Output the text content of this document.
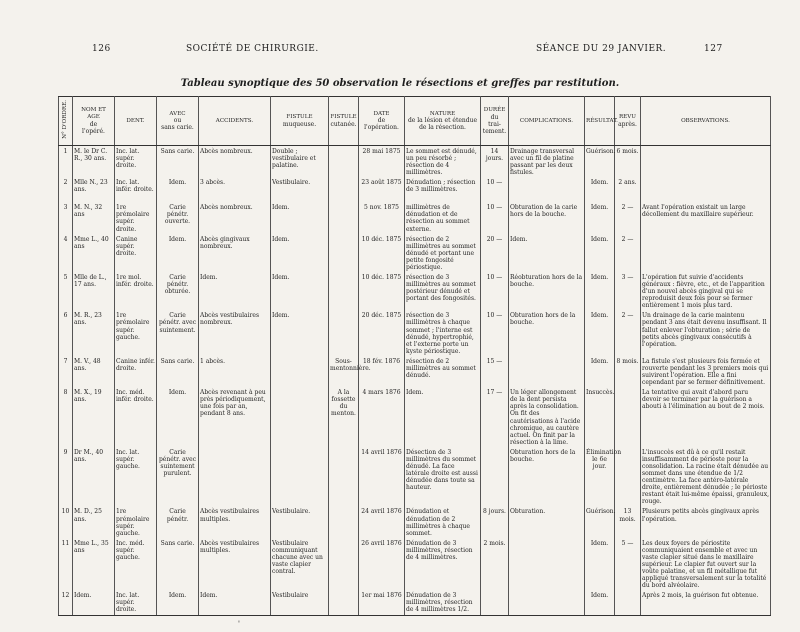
126	SOCIÉTÉ DE CHIRURGIE.	SÉANCE DU 29 JANVIER.	127
Tableau synoptique des 50 observation le résections et greffes par restitution.
N° D'ORDRE.	NOM ET AGE
de
l'opéré.	DENT.	AVEC
ou
sans carie.	ACCIDENTS.	FISTULE
muqueuse.	FISTULE
cutanée.	DATE
de
l'opération.	NATURE
de la lésion et étendue
de la résection.	DURÉE
du
trai-
tement.	COMPLICATIONS.	RÉSULTAT.	REVU
après.	OBSERVATIONS.
1	M. le Dr C. R., 30 ans.	Inc. lat. supér. droite.	Sans carie.	Abcès nombreux.	Double ; vestibulaire et palatine.		28 mai 1875	Le sommet est dénudé, un peu résorbé ; résection de 4 millimètres.	14 jours.	Drainage transversal avec un fil de platine passant par les deux fistules.	Guérison.	6 mois.	
2	Mlle N., 23 ans.	Inc. lat. infér. droite.	Idem.	3 abcès.	Vestibulaire.		23 août 1875	Dénudation ; résection de 3 millimètres.	10 —		Idem.	2 ans.	
3	M. N., 32 ans	1re prémolaire supér. droite.	Carie pénétr. ouverte.	Abcès nombreux.	Idem.		5 nov. 1875	millimètres de dénudation et de résection au sommet externe.	10 —	Obturation de la carie hors de la bouche.	Idem.	2 —	Avant l'opération existait un large décollement du maxillaire supérieur.
4	Mme L., 40 ans	Canine supér. droite.	Idem.	Abcès gingivaux nombreux.	Idem.		10 déc. 1875	résection de 2 millimètres au sommet dénudé et portant une petite fongosité périostique.	20 —	Idem.	Idem.	2 —	
5	Mlle de L., 17 ans.	1re mol. infér. droite.	Carie pénétr. obturée.	Idem.	Idem.		10 déc. 1875	résection de 3 millimètres au sommet postérieur dénudé et portant des fongosités.	10 —	Réobturation hors de la bouche.	Idem.	3 —	L'opération fut suivie d'accidents généraux : fièvre, etc., et de l'apparition d'un nouvel abcès gingival qui se reproduisit deux fois pour se fermer entièrement 1 mois plus tard.
6	M. R., 23 ans.	1re prémolaire supér. gauche.	Carie pénétr. avec suintement.	Abcès vestibulaires nombreux.	Idem.		20 déc. 1875	résection de 3 millimètres à chaque sommet ; l'interne est dénudé, hypertrophié, et l'externe porte un kyste périostique.	10 —	Obturation hors de la bouche.	Idem.	2 —	Un drainage de la carie maintenu pendant 3 ans était devenu insuffisant. Il fallut enlever l'obturation ; série de petits abcès gingivaux consécutifs à l'opération.
7	M. V., 48 ans.	Canine infér. droite.	Sans carie.	1 abcès.		Sous-mentonnière.	18 fév. 1876	résection de 2 millimètres au sommet dénudé.	15 —		Idem.	8 mois.	La fistule s'est plusieurs fois fermée et rouverte pendant les 3 premiers mois qui suivirent l'opération. Elle a fini cependant par se fermer définitivement.
8	M. X., 19 ans.	Inc. méd. infér. droite.	Idem.	Abcès revenant à peu près périodiquement, une fois par an, pendant 8 ans.		A la fossette du menton.	4 mars 1876	Idem.	17 —	Un léger allongement de la dent persista après la consolidation. On fit des cautérisations à l'acide chromique, au cautère actuel. On finit par la résection à la lime.	Insuccès.		La tentative qui avait d'abord paru devoir se terminer par la guérison a abouti à l'élimination au bout de 2 mois.
9	Dr M., 40 ans.	Inc. lat. supér. gauche.	Carie pénétr. avec suintement purulent.				14 avril 1876	Désection de 3 millimètres du sommet dénudé. La face latérale droite est aussi dénudée dans toute sa hauteur.		Obturation hors de la bouche.	Élimination le 6e jour.		L'insuccès est dû à ce qu'il restait insuffisamment de périoste pour la consolidation. La racine était dénudée au sommet dans une étendue de 1/2 centimètre. La face antéro-latérale droite, entièrement dénudée ; le périoste restant était lui-même épaissi, granuleux, rouge.
10	M. D., 25 ans.	1re prémolaire supér. gauche.	Carie pénétr.	Abcès vestibulaires multiples.	Vestibulaire.		24 avril 1876	Dénudation et dénudation de 2 millimètres à chaque sommet.	8 jours.	Obturation.	Guérison.	13 mois.	Plusieurs petits abcès gingivaux après l'opération.
11	Mme L., 35 ans	Inc. méd. supér. gauche.	Sans carie.	Abcès vestibulaires multiples.	Vestibulaire communiquant chacune avec un vaste clapier contral.		26 avril 1876	Dénudation de 3 millimètres, résection de 4 millimètres.	2 mois.		Idem.	5 —	Les deux foyers de périostite communiquaient ensemble et avec un vaste clapier situé dans le maxillaire supérieur. Le clapier fut ouvert sur la voûte palatine, et un fil métallique fut appliqué transversalement sur la totalité du bord alvéolaire.
12	Idem.	Inc. lat. supér. droite.	Idem.	Idem.	Vestibulaire		1er mai 1876	Dénudation de 3 millimètres, résection de 4 millimètres 1/2.			Idem.		Après 2 mois, la guérison fut obtenue.
'
